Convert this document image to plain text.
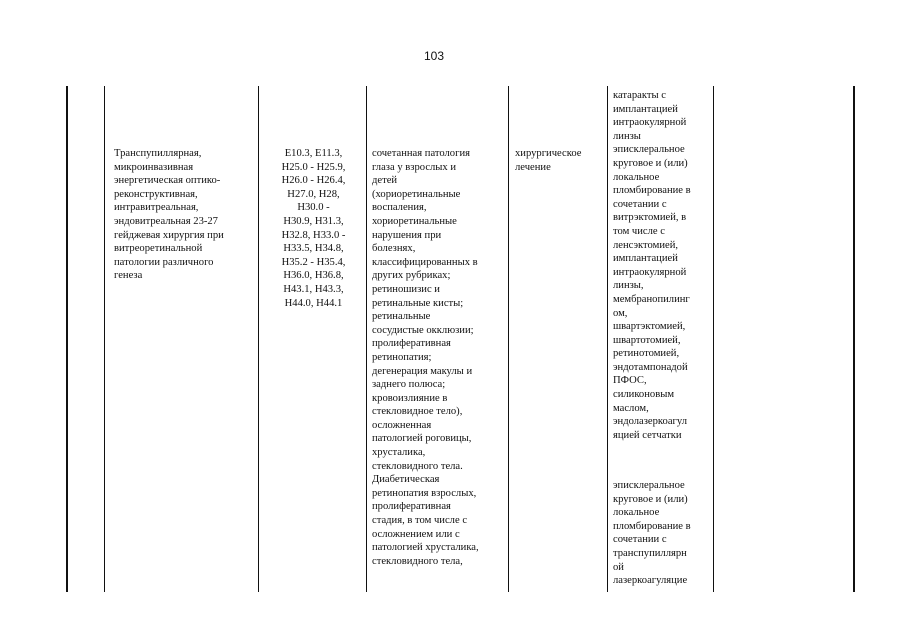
103
Транспупиллярная,
микроинвазивная
энергетическая оптико-
реконструктивная,
интравитреальная,
эндовитреальная 23-27
гейджевая хирургия при
витреоретинальной
патологии различного
генеза
Е10.3, Е11.3,
Н25.0 - Н25.9,
Н26.0 - Н26.4,
Н27.0, Н28,
Н30.0 -
Н30.9, Н31.3,
Н32.8, Н33.0 -
Н33.5, Н34.8,
Н35.2 - Н35.4,
Н36.0, Н36.8,
Н43.1, Н43.3,
Н44.0, Н44.1
сочетанная патология
глаза у взрослых и
детей
(хориоретинальные
воспаления,
хориоретинальные
нарушения при
болезнях,
классифицированных в
других рубриках;
ретиношизис и
ретинальные кисты;
ретинальные
сосудистые окклюзии;
пролиферативная
ретинопатия;
дегенерация макулы и
заднего полюса;
кровоизлияние в
стекловидное тело),
осложненная
патологией роговицы,
хрусталика,
стекловидного тела.
Диабетическая
ретинопатия взрослых,
пролиферативная
стадия, в том числе с
осложнением или с
патологией хрусталика,
стекловидного тела,
хирургическое
лечение
катаракты с
имплантацией
интраокулярной
линзы
эписклеральное
круговое и (или)
локальное
пломбирование в
сочетании с
витрэктомией, в
том числе с
ленсэктомией,
имплантацией
интраокулярной
линзы,
мембранопилинг
ом,
швартэктомией,
швартотомией,
ретинотомией,
эндотампонадой
ПФОС,
силиконовым
маслом,
эндолазеркоагул
яцией сетчатки
эписклеральное
круговое и (или)
локальное
пломбирование в
сочетании с
транспупиллярн
ой
лазеркоагуляцие
